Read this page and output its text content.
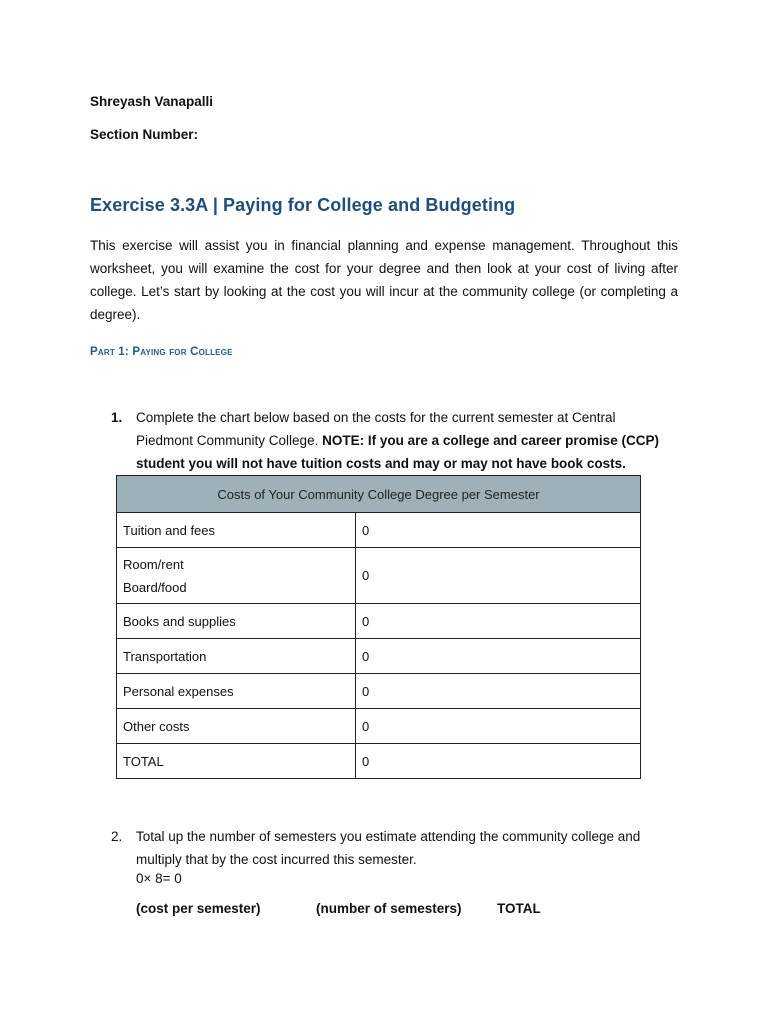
Shreyash Vanapalli
Section Number:
Exercise 3.3A | Paying for College and Budgeting
This exercise will assist you in financial planning and expense management. Throughout this worksheet, you will examine the cost for your degree and then look at your cost of living after college. Let’s start by looking at the cost you will incur at the community college (or completing a degree).
Part 1: Paying for College
1.	Complete the chart below based on the costs for the current semester at Central Piedmont Community College. NOTE: If you are a college and career promise (CCP) student you will not have tuition costs and may or may not have book costs.
Costs of Your Community College Degree per Semester	
Tuition and fees	0

Room/rent
Board/food	0
Books and supplies	0
Transportation	0
Personal expenses	0
Other costs	0
TOTAL	0
2.	Total up the number of semesters you estimate attending the community college and multiply that by the cost incurred this semester.
0× 8= 0
(cost per semester)	(number of semesters)	TOTAL
